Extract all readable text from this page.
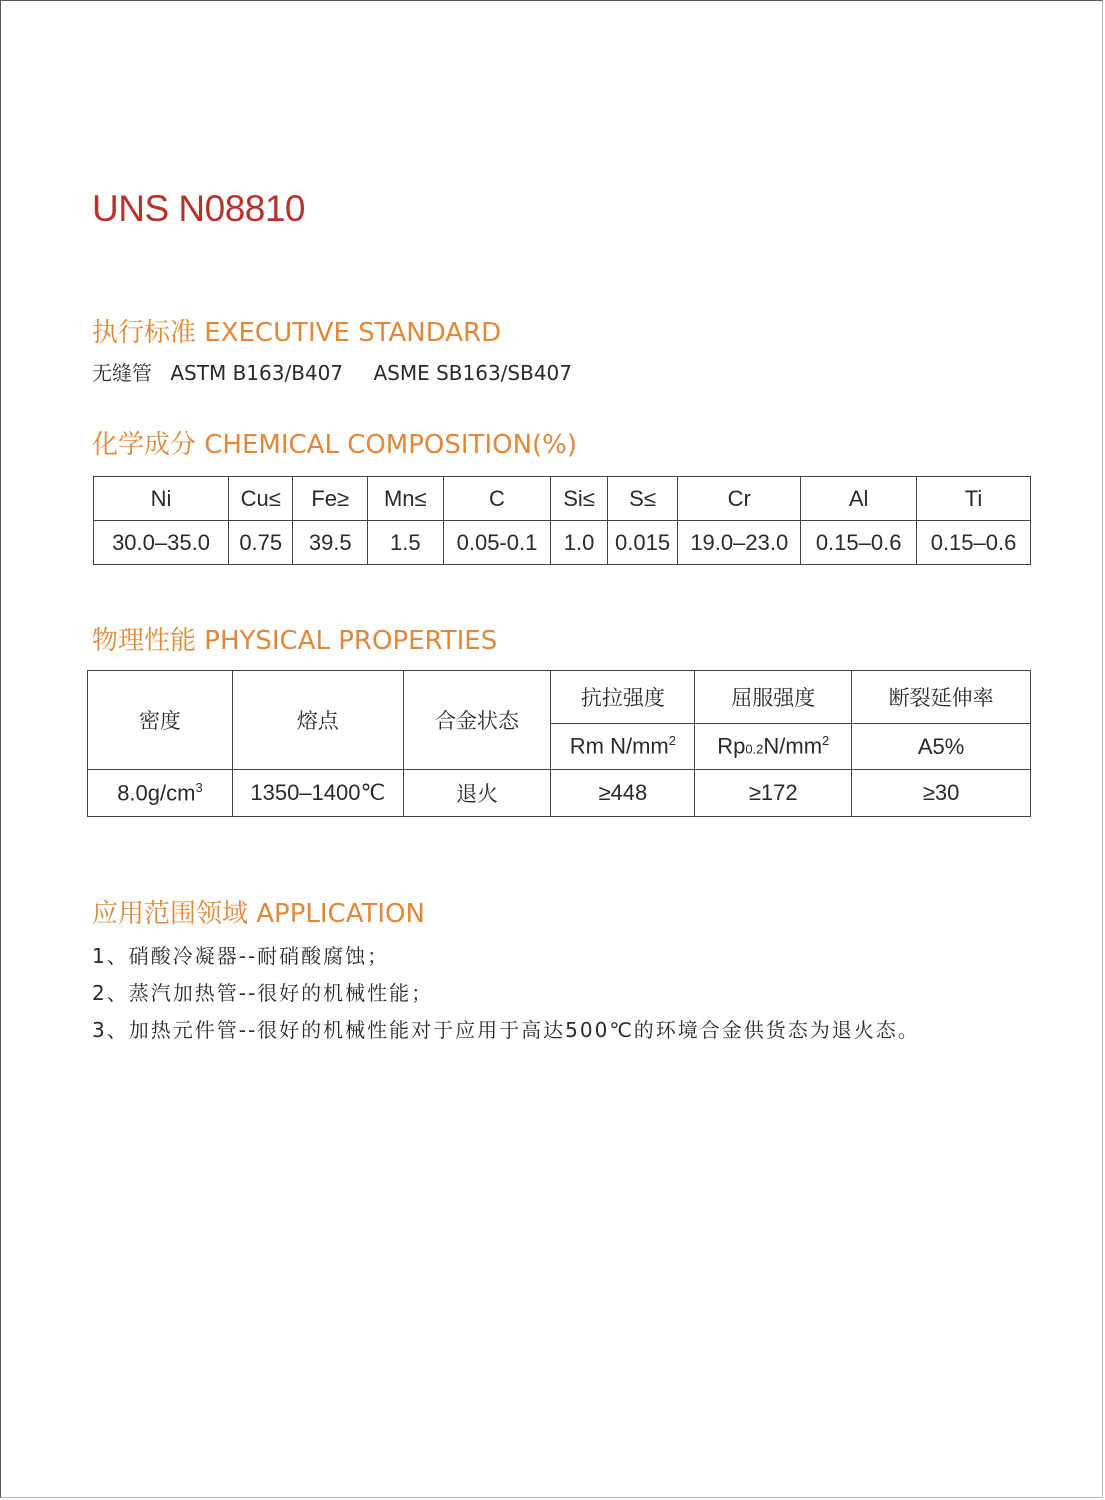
UNS N08810
执行标准 EXECUTIVE STANDARD
无缝管 ASTM B163/B407 ASME SB163/SB407
化学成分 CHEMICAL COMPOSITION(%)
Ni	Cu≤	Fe≥	Mn≤	C	Si≤	S≤	Cr	Al	Ti
30.0–35.0	0.75	39.5	1.5	0.05-0.1	1.0	0.015	19.0–23.0	0.15–0.6	0.15–0.6
物理性能 PHYSICAL PROPERTIES
密度	熔点	合金状态	抗拉强度	屈服强度	断裂延伸率
			Rm $N/mm^2$	$Rp0.2N/mm^2$	A5%
$8.0g/cm^3$	1350–1400℃	退火	≥448	≥172	≥30
应用范围领域 APPLICATION
1、硝酸冷凝器--耐硝酸腐蚀；
2、蒸汽加热管--很好的机械性能；
3、加热元件管--很好的机械性能对于应用于高达500℃的环境合金供货态为退火态。
